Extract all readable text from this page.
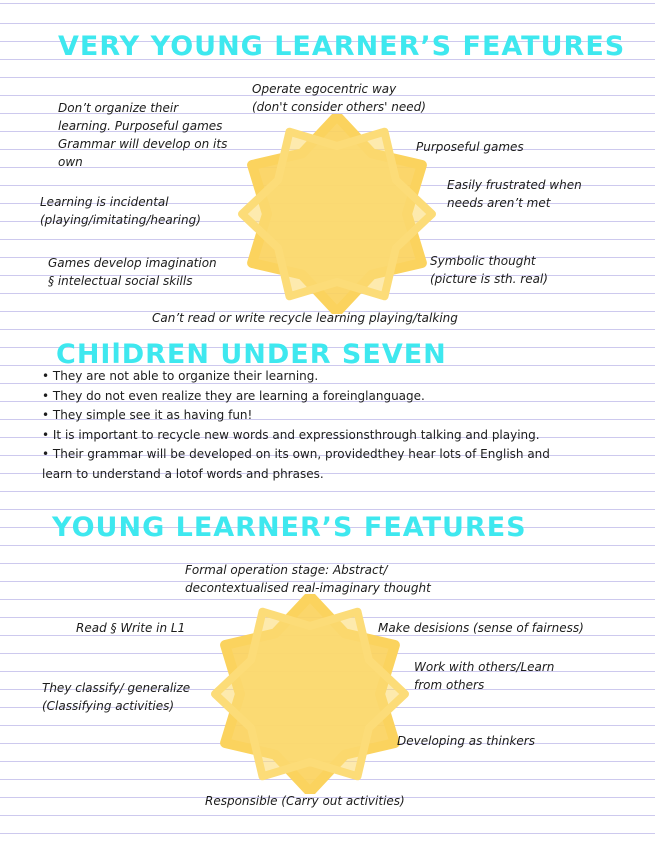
VERY YOUNG LEARNER’S FEATURES
Operate egocentric way
(don't consider others' need)
Don’t organize their
learning. Purposeful games
Grammar will develop on its
own
Purposeful games
Easily frustrated when
needs aren’t met
Learning is incidental
(playing/imitating/hearing)
Games develop imagination
§ intelectual social skills
Symbolic thought
(picture is sth. real)
Can’t read or write recycle learning playing/talking
CHIlDREN UNDER SEVEN
• They are not able to organize their learning.
• They do not even realize they are learning a foreinglanguage.
• They simple see it as having fun!
• It is important to recycle new words and expressionsthrough talking and playing.
• Their grammar will be developed on its own, providedthey hear lots of English and
learn to understand a lotof words and phrases.
YOUNG LEARNER’S FEATURES
Formal operation stage: Abstract/
decontextualised real-imaginary thought
Read § Write in L1	Make desisions (sense of fairness)
Work with others/Learn
from others
They classify/ generalize
(Classifying activities)
Developing as thinkers
Responsible (Carry out activities)
